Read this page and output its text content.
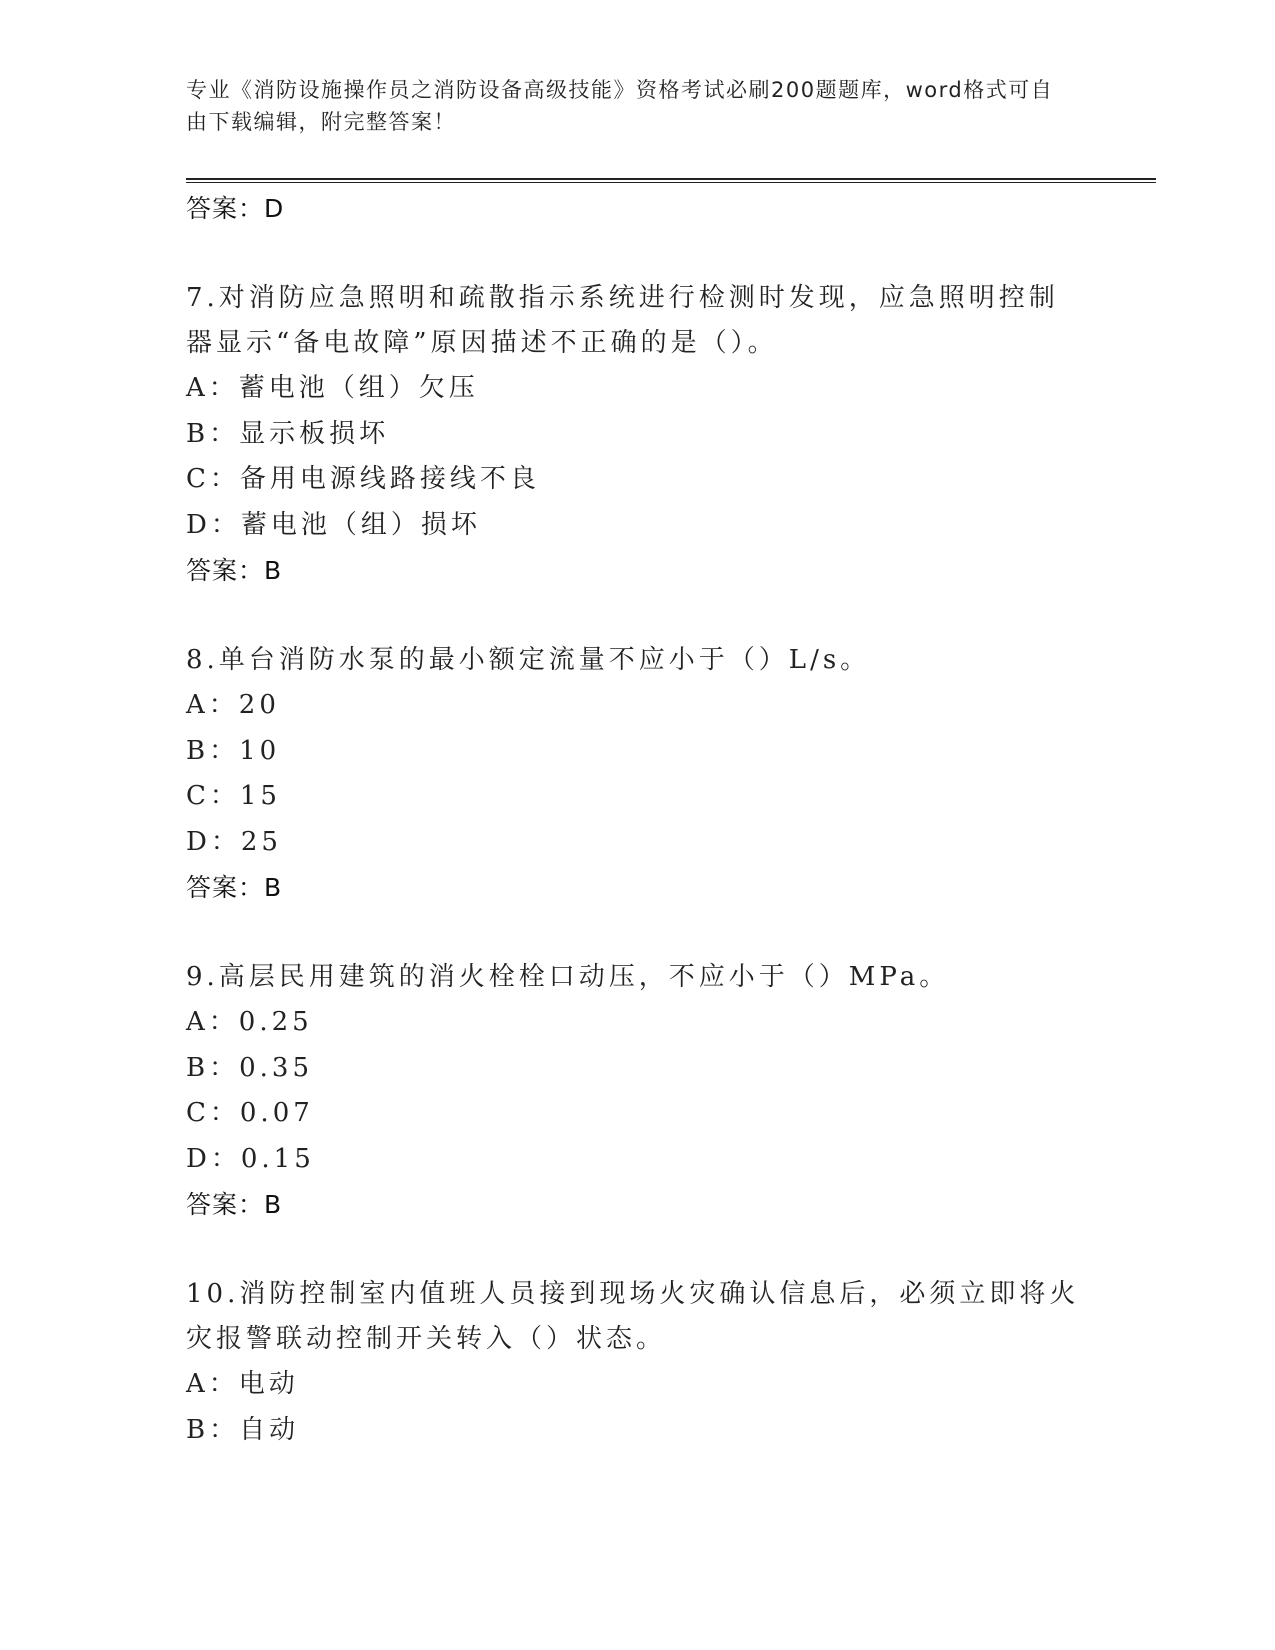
专业《消防设施操作员之消防设备高级技能》资格考试必刷200题题库，word格式可自由下载编辑，附完整答案！
答案：D
7.对消防应急照明和疏散指示系统进行检测时发现，应急照明控制器显示“备电故障”原因描述不正确的是（）。
A：蓄电池（组）欠压
B：显示板损坏
C：备用电源线路接线不良
D：蓄电池（组）损坏
答案：B
8.单台消防水泵的最小额定流量不应小于（）L/s。
A：20
B：10
C：15
D：25
答案：B
9.高层民用建筑的消火栓栓口动压，不应小于（）MPa。
A：0.25
B：0.35
C：0.07
D：0.15
答案：B
10.消防控制室内值班人员接到现场火灾确认信息后，必须立即将火灾报警联动控制开关转入（）状态。
A：电动
B：自动
